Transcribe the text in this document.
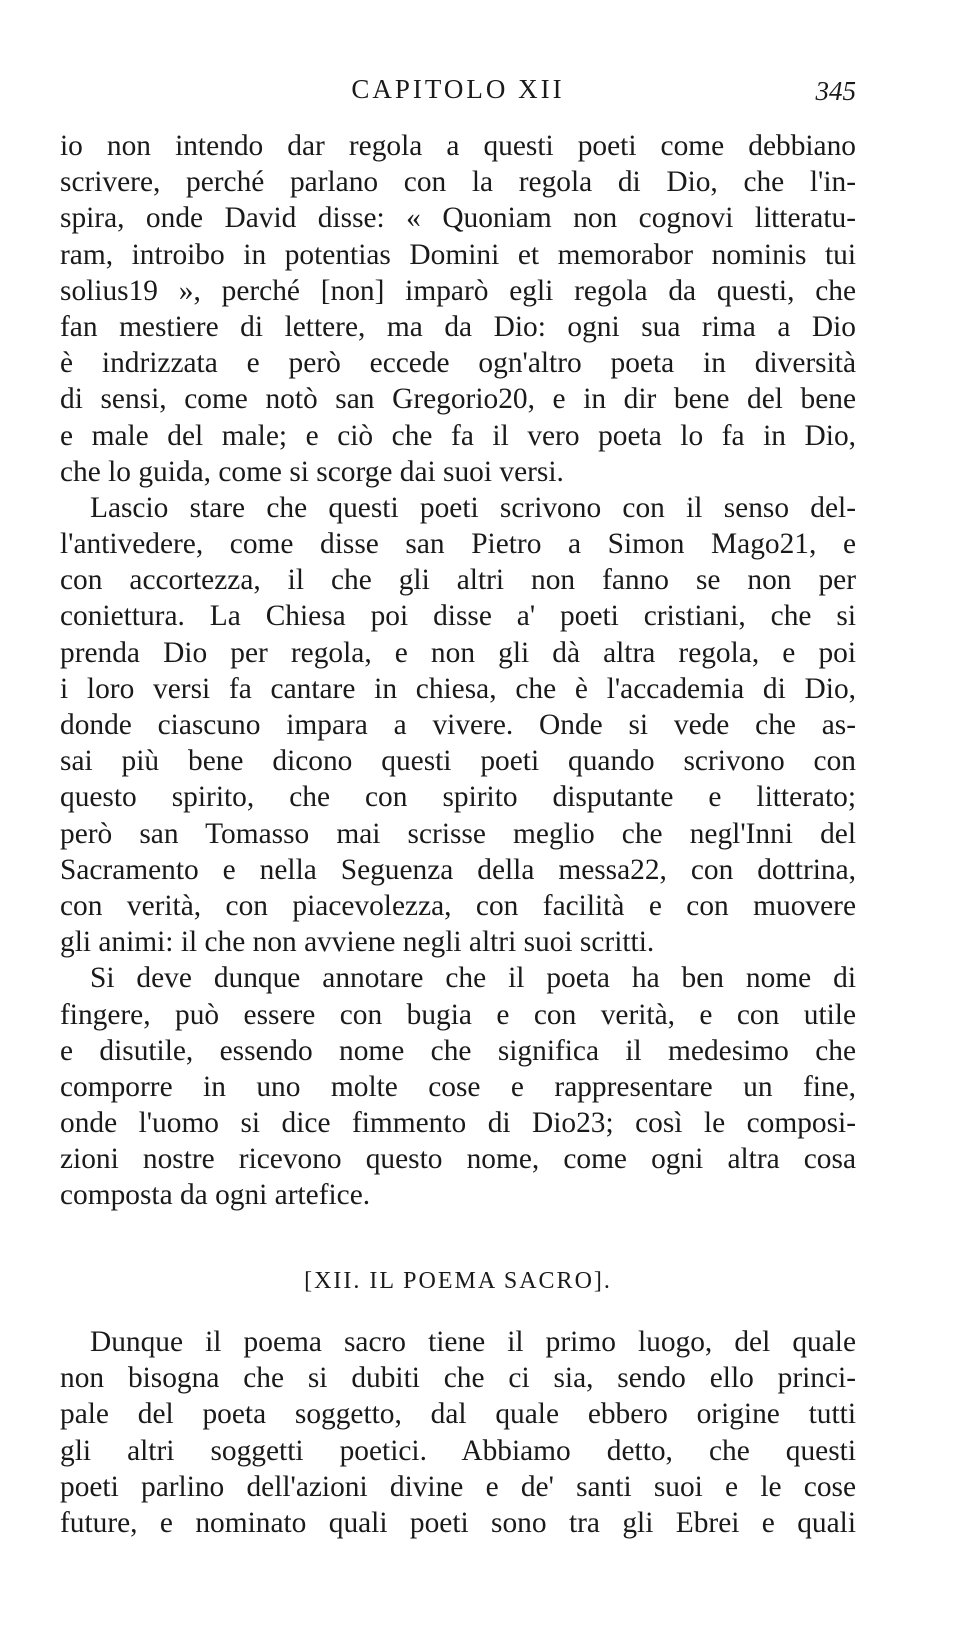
CAPITOLO XII	345
io non intendo dar regola a questi poeti come debbiano
scrivere, perché parlano con la regola di Dio, che l'in‑
spira, onde David disse: « Quoniam non cognovi litteratu‑
ram, introibo in potentias Domini et memorabor nominis tui
solius19 », perché [non] imparò egli regola da questi, che
fan mestiere di lettere, ma da Dio: ogni sua rima a Dio
è indrizzata e però eccede ogn'altro poeta in diversità
di sensi, come notò san Gregorio20, e in dir bene del bene
e male del male; e ciò che fa il vero poeta lo fa in Dio,
che lo guida, come si scorge dai suoi versi.
Lascio stare che questi poeti scrivono con il senso del‑
l'antivedere, come disse san Pietro a Simon Mago21, e
con accortezza, il che gli altri non fanno se non per
coniettura. La Chiesa poi disse a' poeti cristiani, che si
prenda Dio per regola, e non gli dà altra regola, e poi
i loro versi fa cantare in chiesa, che è l'accademia di Dio,
donde ciascuno impara a vivere. Onde si vede che as‑
sai più bene dicono questi poeti quando scrivono con
questo spirito, che con spirito disputante e litterato;
però san Tomasso mai scrisse meglio che negl'Inni del
Sacramento e nella Seguenza della messa22, con dottrina,
con verità, con piacevolezza, con facilità e con muovere
gli animi: il che non avviene negli altri suoi scritti.
Si deve dunque annotare che il poeta ha ben nome di
fingere, può essere con bugia e con verità, e con utile
e disutile, essendo nome che significa il medesimo che
comporre in uno molte cose e rappresentare un fine,
onde l'uomo si dice fimmento di Dio23; così le composi‑
zioni nostre ricevono questo nome, come ogni altra cosa
composta da ogni artefice.
[XII. IL POEMA SACRO].
Dunque il poema sacro tiene il primo luogo, del quale
non bisogna che si dubiti che ci sia, sendo ello princi‑
pale del poeta soggetto, dal quale ebbero origine tutti
gli altri soggetti poetici. Abbiamo detto, che questi
poeti parlino dell'azioni divine e de' santi suoi e le cose
future, e nominato quali poeti sono tra gli Ebrei e quali
